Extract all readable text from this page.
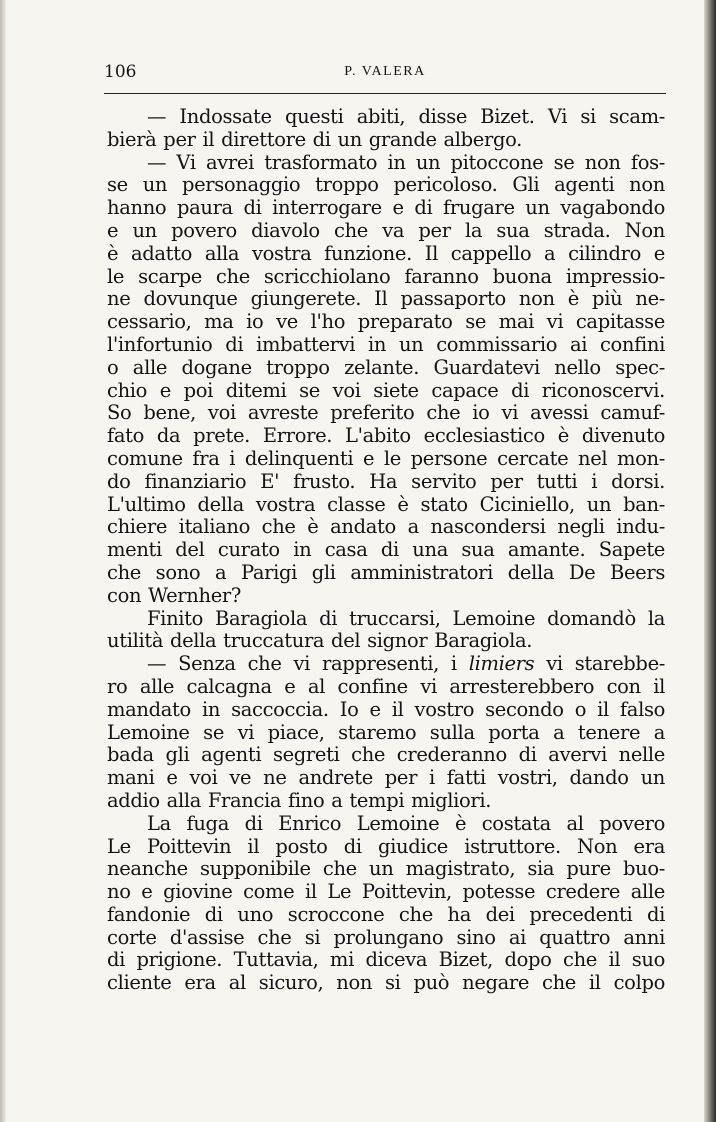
106	P. VALERA
— Indossate questi abiti, disse Bizet. Vi si scam-
bierà per il direttore di un grande albergo.
— Vi avrei trasformato in un pitoccone se non fos-
se un personaggio troppo pericoloso. Gli agenti non
hanno paura di interrogare e di frugare un vagabondo
e un povero diavolo che va per la sua strada. Non
è adatto alla vostra funzione. Il cappello a cilindro e
le scarpe che scricchiolano faranno buona impressio-
ne dovunque giungerete. Il passaporto non è più ne-
cessario, ma io ve l'ho preparato se mai vi capitasse
l'infortunio di imbattervi in un commissario ai confini
o alle dogane troppo zelante. Guardatevi nello spec-
chio e poi ditemi se voi siete capace di riconoscervi.
So bene, voi avreste preferito che io vi avessi camuf-
fato da prete. Errore. L'abito ecclesiastico è divenuto
comune fra i delinquenti e le persone cercate nel mon-
do finanziario E' frusto. Ha servito per tutti i dorsi.
L'ultimo della vostra classe è stato Ciciniello, un ban-
chiere italiano che è andato a nascondersi negli indu-
menti del curato in casa di una sua amante. Sapete
che sono a Parigi gli amministratori della De Beers
con Wernher?
Finito Baragiola di truccarsi, Lemoine domandò la
utilità della truccatura del signor Baragiola.
— Senza che vi rappresenti, i limiers vi starebbe-
ro alle calcagna e al confine vi arresterebbero con il
mandato in saccoccia. Io e il vostro secondo o il falso
Lemoine se vi piace, staremo sulla porta a tenere a
bada gli agenti segreti che crederanno di avervi nelle
mani e voi ve ne andrete per i fatti vostri, dando un
addio alla Francia fino a tempi migliori.
La fuga di Enrico Lemoine è costata al povero
Le Poittevin il posto di giudice istruttore. Non era
neanche supponibile che un magistrato, sia pure buo-
no e giovine come il Le Poittevin, potesse credere alle
fandonie di uno scroccone che ha dei precedenti di
corte d'assise che si prolungano sino ai quattro anni
di prigione. Tuttavia, mi diceva Bizet, dopo che il suo
cliente era al sicuro, non si può negare che il colpo
